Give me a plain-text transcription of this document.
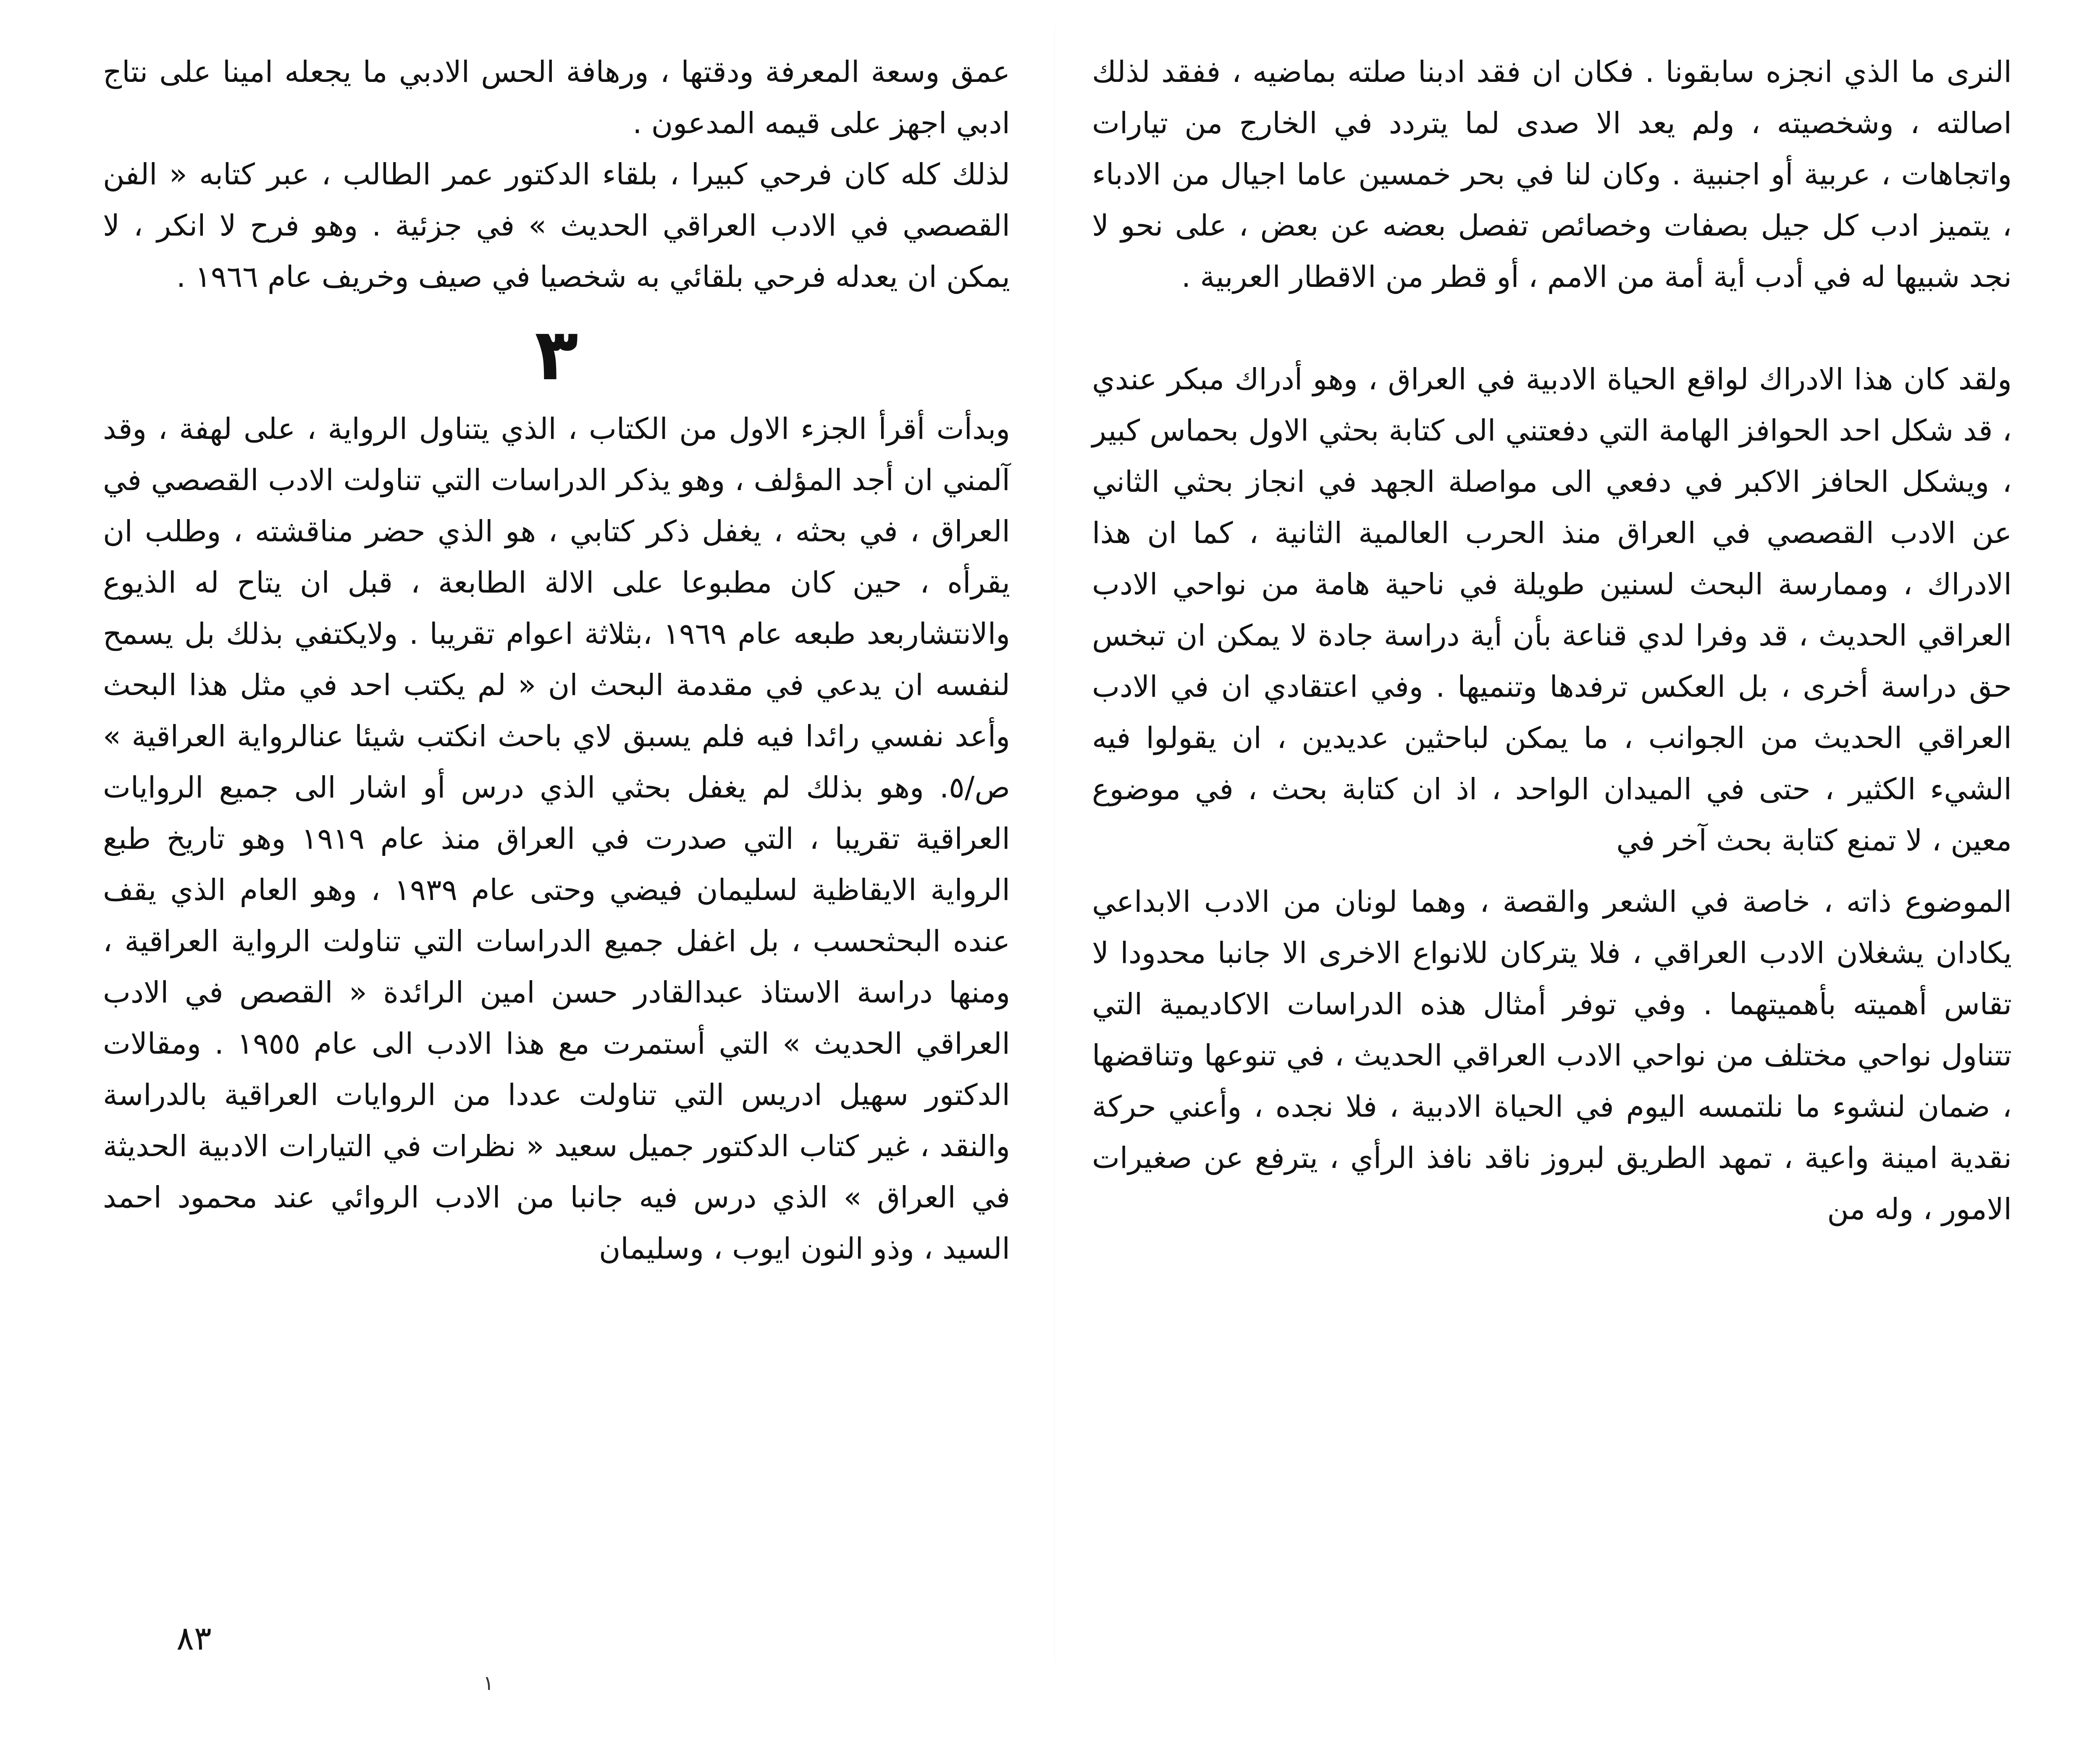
النرى ما الذي انجزه سابقونا . فكان ان فقد ادبنا صلته بماضيه ، ففقد لذلك اصالته ، وشخصيته ، ولم يعد الا صدى لما يتردد في الخارج من تيارات واتجاهات ، عربية أو اجنبية . وكان لنا في بحر خمسين عاما اجيال من الادباء ، يتميز ادب كل جيل بصفات وخصائص تفصل بعضه عن بعض ، على نحو لا نجد شبيها له في أدب أية أمة من الامم ، أو قطر من الاقطار العربية .

ولقد كان هذا الادراك لواقع الحياة الادبية في العراق ، وهو أدراك مبكر عندي ، قد شكل احد الحوافز الهامة التي دفعتني الى كتابة بحثي الاول بحماس كبير ، ويشكل الحافز الاكبر في دفعي الى مواصلة الجهد في انجاز بحثي الثاني عن الادب القصصي في العراق منذ الحرب العالمية الثانية ، كما ان هذا الادراك ، وممارسة البحث لسنين طويلة في ناحية هامة من نواحي الادب العراقي الحديث ، قد وفرا لدي قناعة بأن أية دراسة جادة لا يمكن ان تبخس حق دراسة أخرى ، بل العكس ترفدها وتنميها . وفي اعتقادي ان في الادب العراقي الحديث من الجوانب ، ما يمكن لباحثين عديدين ، ان يقولوا فيه الشيء الكثير ، حتى في الميدان الواحد ، اذ ان كتابة بحث ، في موضوع معين ، لا تمنع كتابة بحث آخر في

الموضوع ذاته ، خاصة في الشعر والقصة ، وهما لونان من الادب الابداعي يكادان يشغلان الادب العراقي ، فلا يتركان للانواع الاخرى الا جانبا محدودا لا تقاس أهميته بأهميتهما . وفي توفر أمثال هذه الدراسات الاكاديمية التي تتناول نواحي مختلف من نواحي الادب العراقي الحديث ، في تنوعها وتناقضها ، ضمان لنشوء ما نلتمسه اليوم في الحياة الادبية ، فلا نجده ، وأعني حركة نقدية امينة واعية ، تمهد الطريق لبروز ناقد نافذ الرأي ، يترفع عن صغيرات الامور ، وله من

عمق وسعة المعرفة ودقتها ، ورهافة الحس الادبي ما يجعله امينا على نتاج ادبي اجهز على قيمه المدعون .

لذلك كله كان فرحي كبيرا ، بلقاء الدكتور عمر الطالب ، عبر كتابه « الفن القصصي في الادب العراقي الحديث » في جزئية . وهو فرح لا انكر ، لا يمكن ان يعدله فرحي بلقائي به شخصيا في صيف وخريف عام ١٩٦٦ .

٣

وبدأت أقرأ الجزء الاول من الكتاب ، الذي يتناول الرواية ، على لهفة ، وقد آلمني ان أجد المؤلف ، وهو يذكر الدراسات التي تناولت الادب القصصي في العراق ، في بحثه ، يغفل ذكر كتابي ، هو الذي حضر مناقشته ، وطلب ان يقرأه ، حين كان مطبوعا على الالة الطابعة ، قبل ان يتاح له الذيوع والانتشاربعد طبعه عام ١٩٦٩ ،بثلاثة اعوام تقريبا . ولايكتفي بذلك بل يسمح لنفسه ان يدعي في مقدمة البحث ان « لم يكتب احد في مثل هذا البحث وأعد نفسي رائدا فيه فلم يسبق لاي باحث انكتب شيئا عنالرواية العراقية » ص/٥. وهو بذلك لم يغفل بحثي الذي درس أو اشار الى جميع الروايات العراقية تقريبا ، التي صدرت في العراق منذ عام ١٩١٩ وهو تاريخ طبع الرواية الايقاظية لسليمان فيضي وحتى عام ١٩٣٩ ، وهو العام الذي يقف عنده البحثحسب ، بل اغفل جميع الدراسات التي تناولت الرواية العراقية ، ومنها دراسة الاستاذ عبدالقادر حسن امين الرائدة « القصص في الادب العراقي الحديث » التي أستمرت مع هذا الادب الى عام ١٩٥٥ . ومقالات الدكتور سهيل ادريس التي تناولت عددا من الروايات العراقية بالدراسة والنقد ، غير كتاب الدكتور جميل سعيد « نظرات في التيارات الادبية الحديثة في العراق » الذي درس فيه جانبا من الادب الروائي عند محمود احمد السيد ، وذو النون ايوب ، وسليمان

٨٣
١
